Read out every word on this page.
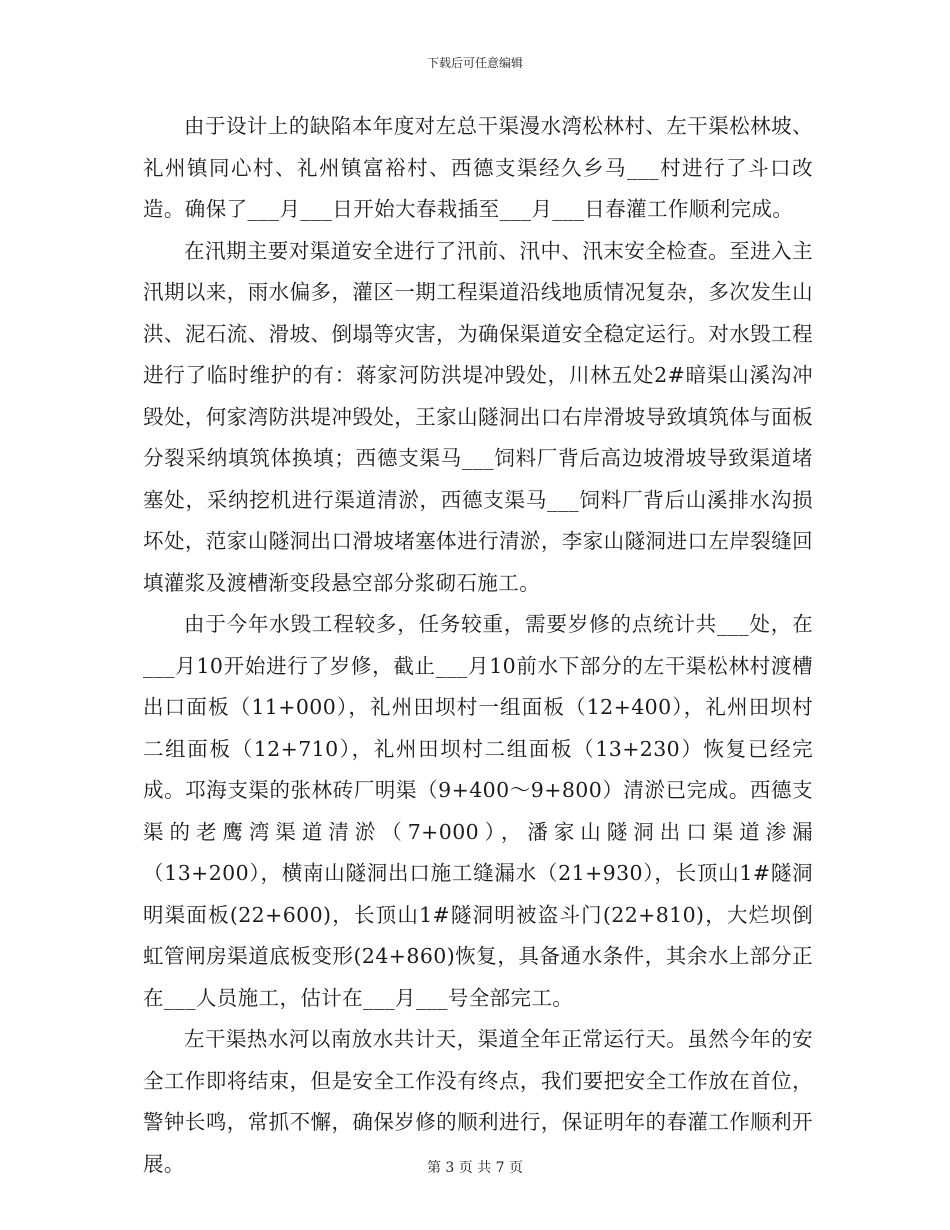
下载后可任意编辑

由于设计上的缺陷本年度对左总干渠漫水湾松林村、左干渠松林坡、礼州镇同心村、礼州镇富裕村、西德支渠经久乡马___村进行了斗口改造。确保了___月___日开始大春栽插至___月___日春灌工作顺利完成。

在汛期主要对渠道安全进行了汛前、汛中、汛末安全检查。至进入主汛期以来，雨水偏多，灌区一期工程渠道沿线地质情况复杂，多次发生山洪、泥石流、滑坡、倒塌等灾害，为确保渠道安全稳定运行。对水毁工程进行了临时维护的有：蒋家河防洪堤冲毁处，川林五处2#暗渠山溪沟冲毁处，何家湾防洪堤冲毁处，王家山隧洞出口右岸滑坡导致填筑体与面板分裂采纳填筑体换填；西德支渠马___饲料厂背后高边坡滑坡导致渠道堵塞处，采纳挖机进行渠道清淤，西德支渠马___饲料厂背后山溪排水沟损坏处，范家山隧洞出口滑坡堵塞体进行清淤，李家山隧洞进口左岸裂缝回填灌浆及渡槽渐变段悬空部分浆砌石施工。

由于今年水毁工程较多，任务较重，需要岁修的点统计共___处，在___月10开始进行了岁修，截止___月10前水下部分的左干渠松林村渡槽出口面板（11+000），礼州田坝村一组面板（12+400），礼州田坝村二组面板（12+710），礼州田坝村二组面板（13+230）恢复已经完成。邛海支渠的张林砖厂明渠（9+400～9+800）清淤已完成。西德支渠的老鹰湾渠道清淤（7+000），潘家山隧洞出口渠道渗漏（13+200），横南山隧洞出口施工缝漏水（21+930），长顶山1#隧洞明渠面板(22+600)，长顶山1#隧洞明被盗斗门(22+810)，大烂坝倒虹管闸房渠道底板变形(24+860)恢复，具备通水条件，其余水上部分正在___人员施工，估计在___月___号全部完工。

左干渠热水河以南放水共计天，渠道全年正常运行天。虽然今年的安全工作即将结束，但是安全工作没有终点，我们要把安全工作放在首位，警钟长鸣，常抓不懈，确保岁修的顺利进行，保证明年的春灌工作顺利开展。	第 3 页 共 7 页
